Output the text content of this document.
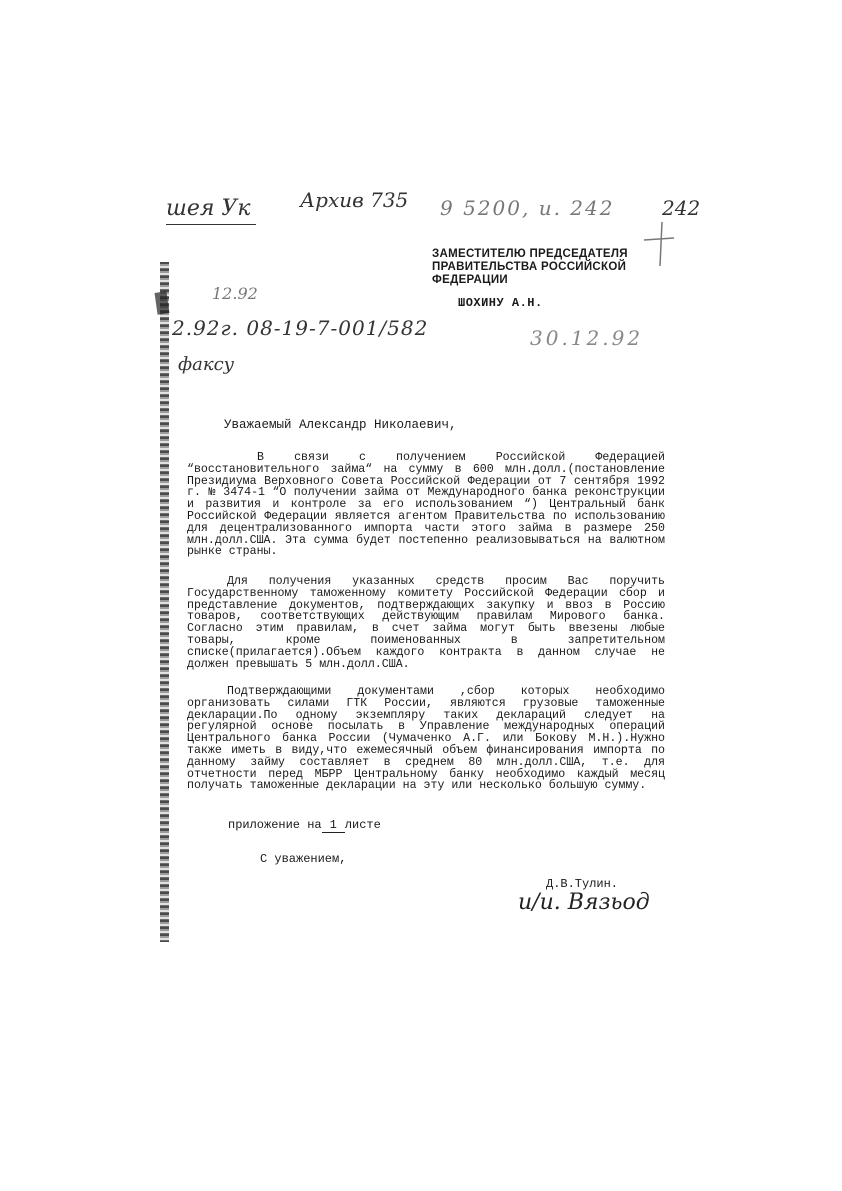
шея Ук Архив 735 9 5200, и. 242 242
12.92
2.92г. 08-19-7-001/582
факсу
30.12.92
ЗАМЕСТИТЕЛЮ ПРЕДСЕДАТЕЛЯ
ПРАВИТЕЛЬСТВА РОССИЙСКОЙ
ФЕДЕРАЦИИ
ШОХИНУ А.Н.
Уважаемый Александр Николаевич,

В связи с получением Российской Федерацией “восстановительного займа“ на сумму в 600 млн.долл.(постановление Президиума Верховного Совета Российской Федерации от 7 сентября 1992 г. № 3474-1 “О получении займа от Международного банка реконструкции и развития и контроле за его использованием “) Центральный банк Российской Федерации является агентом Правительства по использованию для децентрализованного импорта части этого займа в размере 250 млн.долл.США. Эта сумма будет постепенно реализовываться на валютном рынке страны.

Для получения указанных средств просим Вас поручить Государственному таможенному комитету Российской Федерации сбор и представление документов, подтверждающих закупку и ввоз в Россию товаров, соответствующих действующим правилам Мирового банка. Согласно этим правилам, в счет займа могут быть ввезены любые товары, кроме поименованных в запретительном списке(прилагается).Объем каждого контракта в данном случае не должен превышать 5 млн.долл.США.

Подтверждающими документами ,сбор которых необходимо организовать силами ГТК России, являются грузовые таможенные декларации.По одному экземпляру таких деклараций следует на регулярной основе посылать в Управление международных операций Центрального банка России (Чумаченко А.Г. или Бокову М.Н.).Нужно также иметь в виду,что ежемесячный объем финансирования импорта по данному займу составляет в среднем 80 млн.долл.США, т.е. для отчетности перед МБРР Центральному банку необходимо каждый месяц получать таможенные декларации на эту или несколько большую сумму.

приложение на 1 листе
С уважением,
Д.В.Тулин.
и/и. Вязьод
